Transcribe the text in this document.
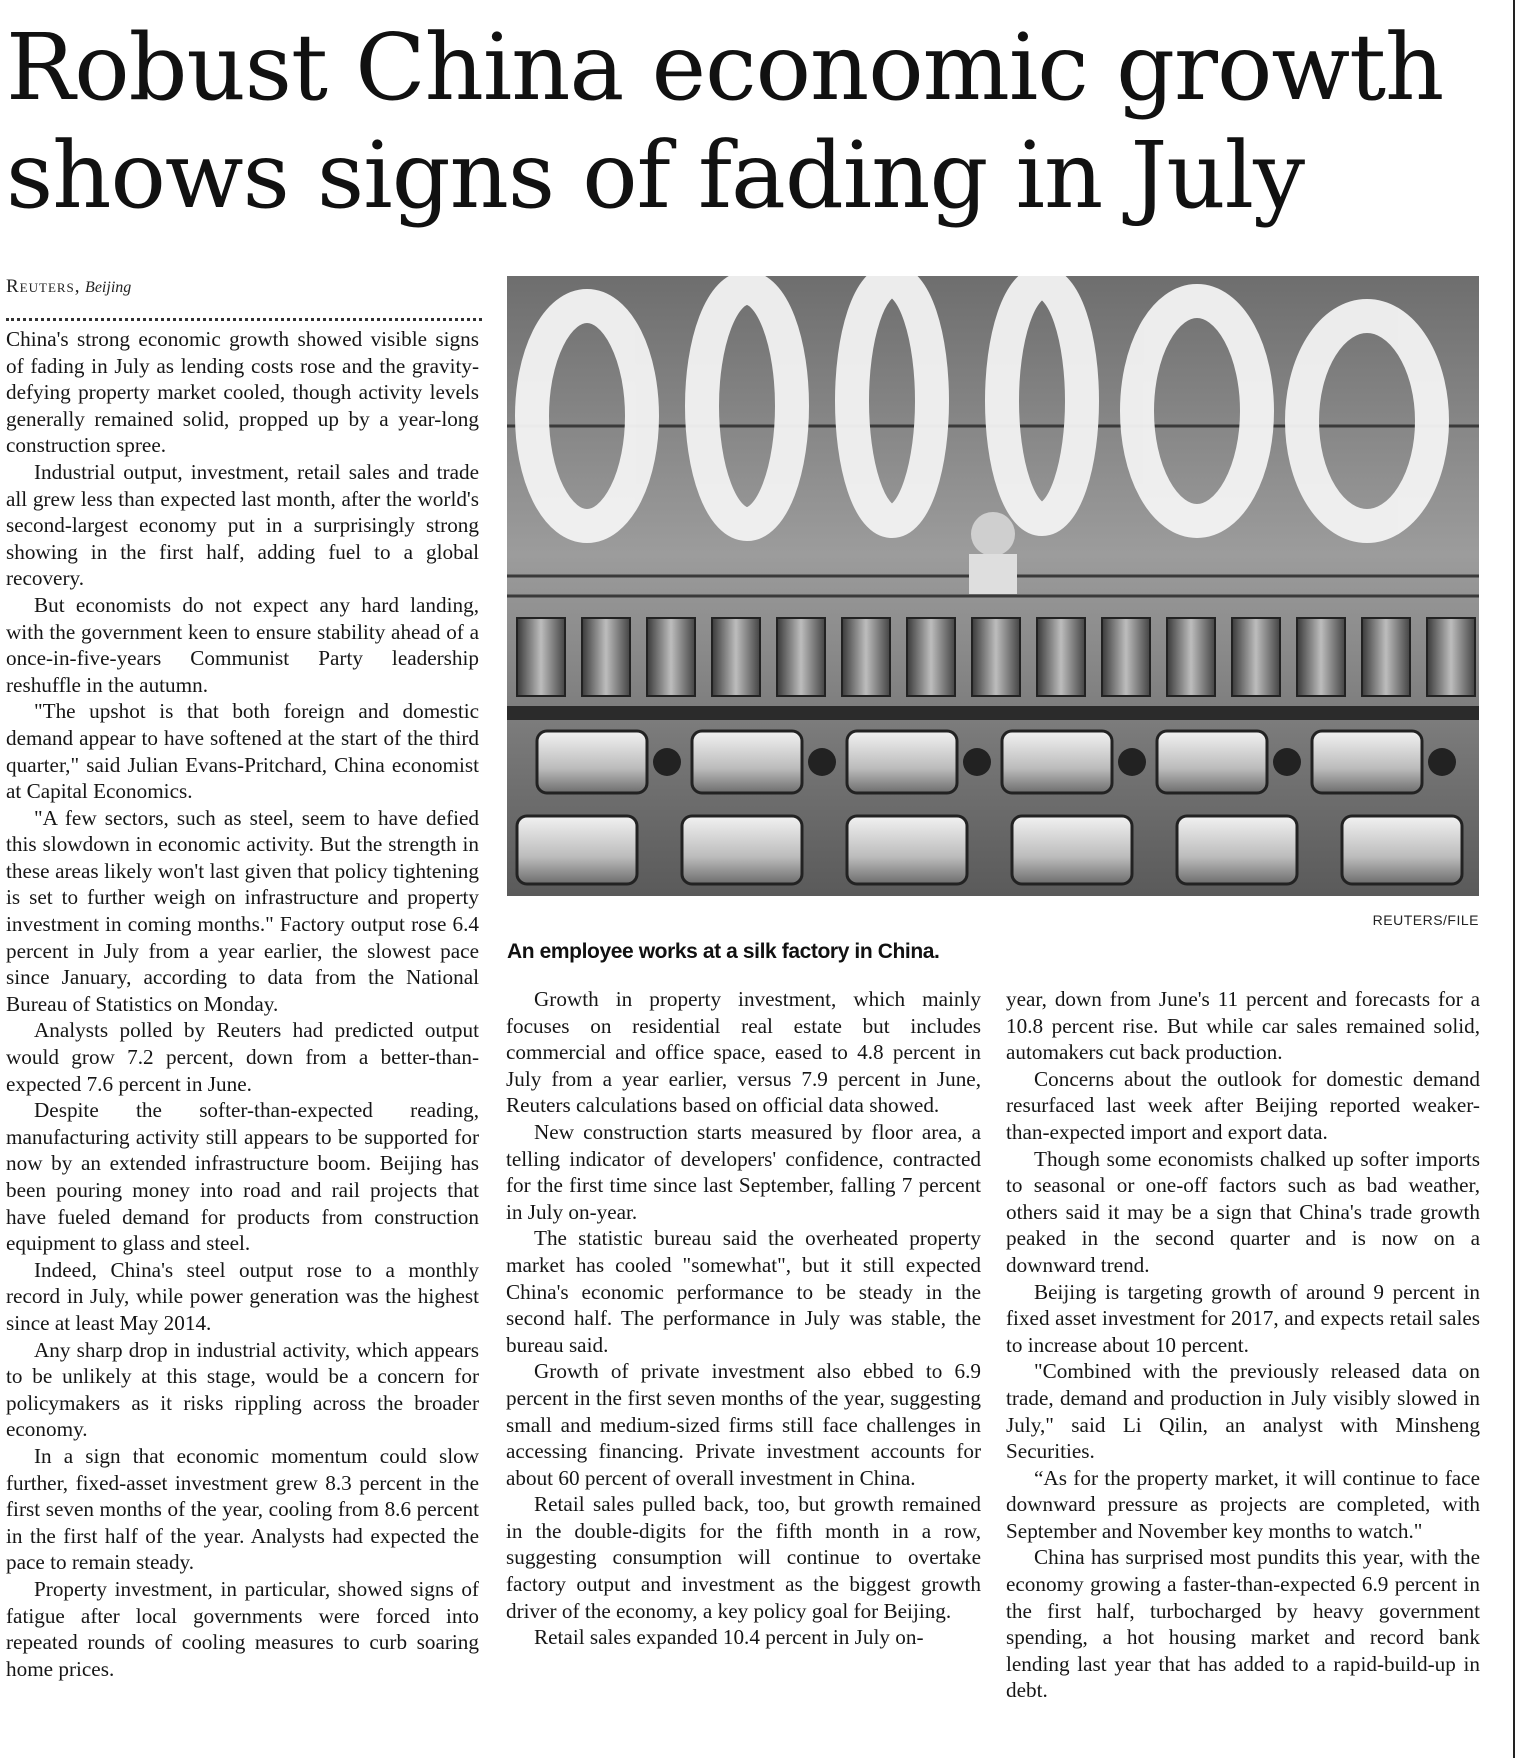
Robust China economic growth
shows signs of fading in July
Reuters, Beijing

China's strong economic growth showed visible signs of fading in July as lending costs rose and the gravity-defying property market cooled, though activity levels generally remained solid, propped up by a year-long construction spree.

Industrial output, investment, retail sales and trade all grew less than expected last month, after the world's second-largest economy put in a surprisingly strong showing in the first half, adding fuel to a global recovery.

But economists do not expect any hard landing, with the government keen to ensure stability ahead of a once-in-five-years Communist Party leadership reshuffle in the autumn.

"The upshot is that both foreign and domestic demand appear to have softened at the start of the third quarter," said Julian Evans-Pritchard, China economist at Capital Economics.

"A few sectors, such as steel, seem to have defied this slowdown in economic activity. But the strength in these areas likely won't last given that policy tightening is set to further weigh on infrastructure and property investment in coming months." Factory output rose 6.4 percent in July from a year earlier, the slowest pace since January, according to data from the National Bureau of Statistics on Monday.

Analysts polled by Reuters had predicted output would grow 7.2 percent, down from a better-than-expected 7.6 percent in June.

Despite the softer-than-expected reading, manufacturing activity still appears to be supported for now by an extended infrastructure boom. Beijing has been pouring money into road and rail projects that have fueled demand for products from construction equipment to glass and steel.

Indeed, China's steel output rose to a monthly record in July, while power generation was the highest since at least May 2014.

Any sharp drop in industrial activity, which appears to be unlikely at this stage, would be a concern for policymakers as it risks rippling across the broader economy.

In a sign that economic momentum could slow further, fixed-asset investment grew 8.3 percent in the first seven months of the year, cooling from 8.6 percent in the first half of the year. Analysts had expected the pace to remain steady.

Property investment, in particular, showed signs of fatigue after local governments were forced into repeated rounds of cooling measures to curb soaring home prices.

REUTERS/FILE
An employee works at a silk factory in China.

Growth in property investment, which mainly focuses on residential real estate but includes commercial and office space, eased to 4.8 percent in July from a year earlier, versus 7.9 percent in June, Reuters calculations based on official data showed.

New construction starts measured by floor area, a telling indicator of developers' confidence, contracted for the first time since last September, falling 7 percent in July on-year.

The statistic bureau said the overheated property market has cooled "somewhat", but it still expected China's economic performance to be steady in the second half. The performance in July was stable, the bureau said.

Growth of private investment also ebbed to 6.9 percent in the first seven months of the year, suggesting small and medium-sized firms still face challenges in accessing financing. Private investment accounts for about 60 percent of overall investment in China.

Retail sales pulled back, too, but growth remained in the double-digits for the fifth month in a row, suggesting consumption will continue to overtake factory output and investment as the biggest growth driver of the economy, a key policy goal for Beijing.

Retail sales expanded 10.4 percent in July on-

year, down from June's 11 percent and forecasts for a 10.8 percent rise. But while car sales remained solid, automakers cut back production.

Concerns about the outlook for domestic demand resurfaced last week after Beijing reported weaker-than-expected import and export data.

Though some economists chalked up softer imports to seasonal or one-off factors such as bad weather, others said it may be a sign that China's trade growth peaked in the second quarter and is now on a downward trend.

Beijing is targeting growth of around 9 percent in fixed asset investment for 2017, and expects retail sales to increase about 10 percent.

"Combined with the previously released data on trade, demand and production in July visibly slowed in July," said Li Qilin, an analyst with Minsheng Securities.

“As for the property market, it will continue to face downward pressure as projects are completed, with September and November key months to watch."

China has surprised most pundits this year, with the economy growing a faster-than-expected 6.9 percent in the first half, turbocharged by heavy government spending, a hot housing market and record bank lending last year that has added to a rapid-build-up in debt.
